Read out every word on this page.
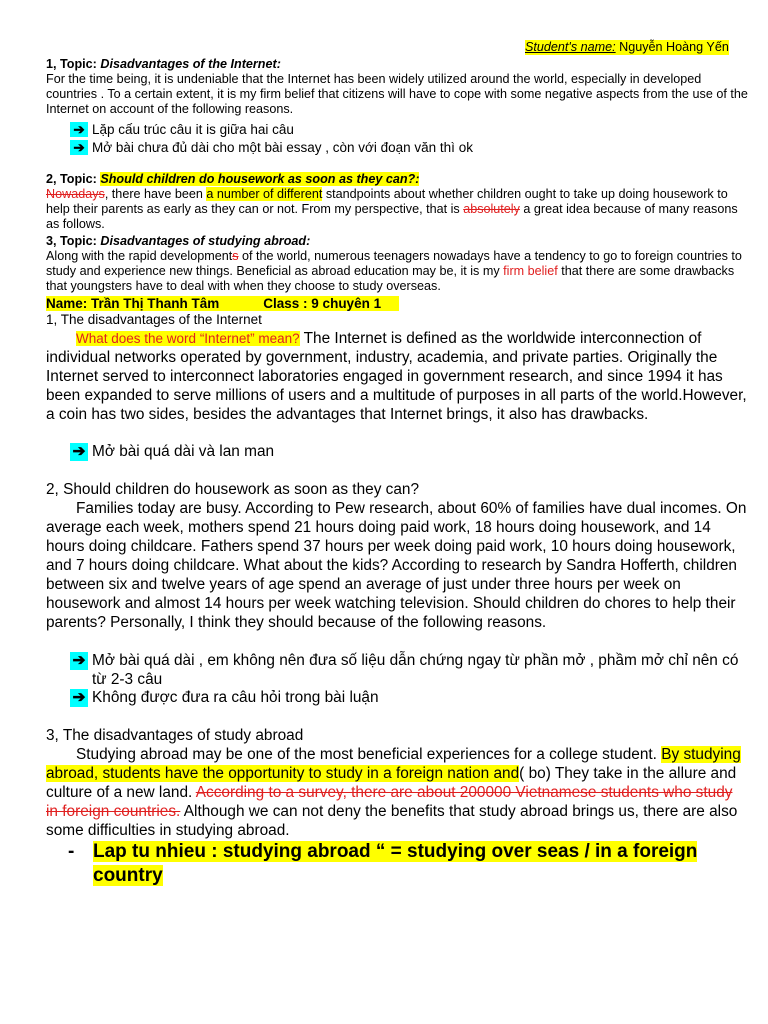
Student's name: Nguyễn Hoàng Yến

1, Topic: Disadvantages of the Internet:

For the time being, it is undeniable that the Internet has been widely utilized around the world, especially in developed countries . To a certain extent, it is my firm belief that citizens will have to cope with some negative aspects from the use of the Internet on account of the following reasons.

➔ Lặp cấu trúc câu it is giữa hai câu
➔ Mở bài chưa đủ dài cho một bài essay , còn với đoạn văn thì ok

2, Topic: Should children do housework as soon as they can?:

Nowadays, there have been a number of different standpoints about whether children ought to take up doing housework to help their parents as early as they can or not. From my perspective, that is absolutely a great idea because of many reasons as follows.

3, Topic: Disadvantages of studying abroad:

Along with the rapid developments of the world, numerous teenagers nowadays have a tendency to go to foreign countries to study and experience new things. Beneficial as abroad education may be, it is my firm belief that there are some drawbacks that youngsters have to deal with when they choose to study overseas.

Name: Trần Thị Thanh Tâm	Class : 9 chuyên 1

1, The disadvantages of the Internet

What does the word “Internet” mean? The Internet is defined as the worldwide interconnection of individual networks operated by government, industry, academia, and private parties. Originally the Internet served to interconnect laboratories engaged in government research, and since 1994 it has been expanded to serve millions of users and a multitude of purposes in all parts of the world.However, a coin has two sides, besides the advantages that Internet brings, it also has drawbacks.

➔ Mở bài quá dài và lan man

2, Should children do housework as soon as they can?

Families today are busy. According to Pew research, about 60% of families have dual incomes. On average each week, mothers spend 21 hours doing paid work, 18 hours doing housework, and 14 hours doing childcare. Fathers spend 37 hours per week doing paid work, 10 hours doing housework, and 7 hours doing childcare. What about the kids? According to research by Sandra Hofferth, children between six and twelve years of age spend an average of just under three hours per week on housework and almost 14 hours per week watching television. Should children do chores to help their parents? Personally, I think they should because of the following reasons.

➔ Mở bài quá dài , em không nên đưa số liệu dẫn chứng ngay từ phần mở , phầm mở chỉ nên có từ 2-3 câu
➔ Không được đưa ra câu hỏi trong bài luận

3, The disadvantages of study abroad

Studying abroad may be one of the most beneficial experiences for a college student. By studying abroad, students have the opportunity to study in a foreign nation and( bo) They take in the allure and culture of a new land. According to a survey, there are about 200000 Vietnamese students who study in foreign countries. Although we can not deny the benefits that study abroad brings us, there are also some difficulties in studying abroad.

- Lap tu nhieu : studying abroad “ = studying over seas / in a foreign country
